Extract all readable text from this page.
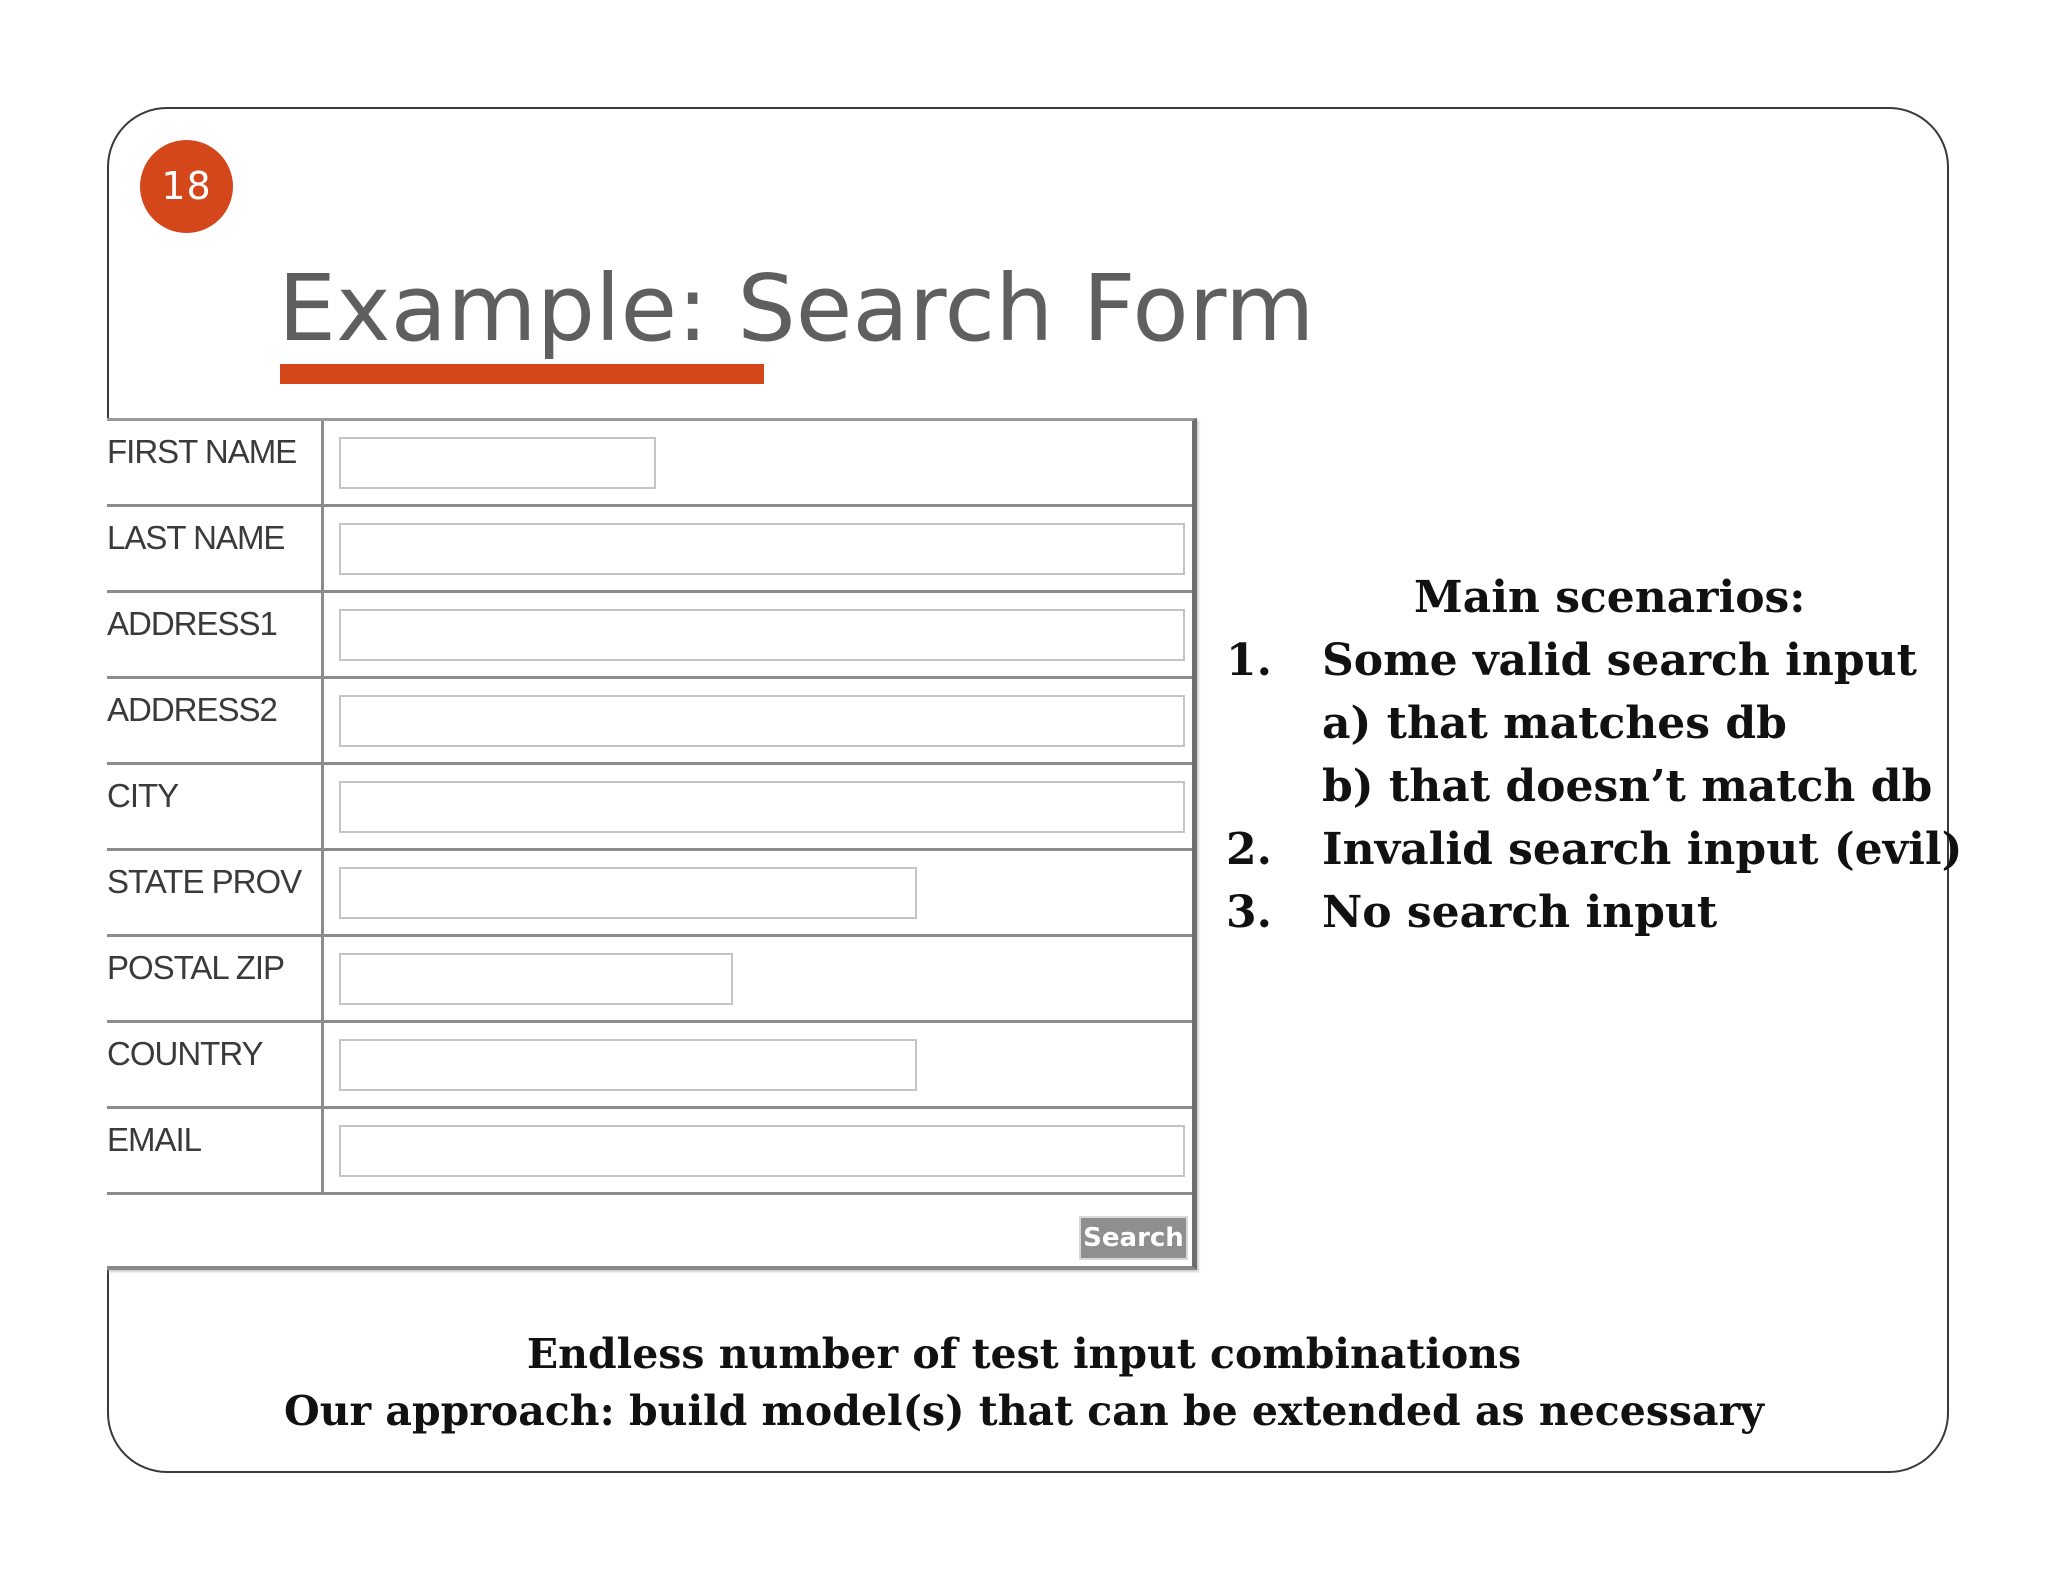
18
Example: Search Form
FIRST NAME
LAST NAME
ADDRESS1
ADDRESS2
CITY
STATE PROV
POSTAL ZIP
COUNTRY
EMAIL
Search
Main scenarios:
1. Some valid search input
a) that matches db
b) that doesn’t match db
2. Invalid search input (evil)
3. No search input
Endless number of test input combinations
Our approach: build model(s) that can be extended as necessary
